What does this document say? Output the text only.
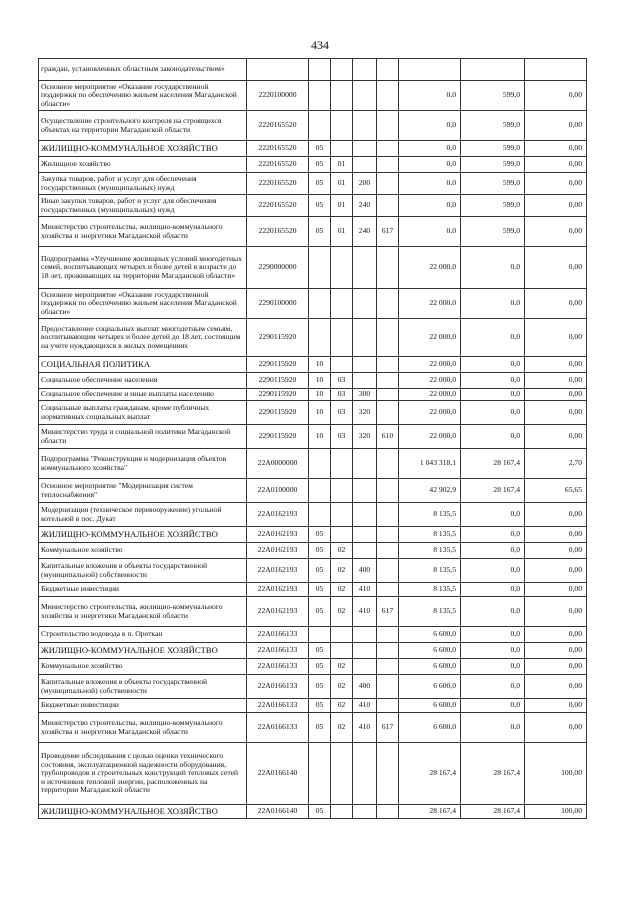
434
граждан, установленных областным законодательством»								
Основное мероприятие «Оказание государственной поддержки по обеспечению жильем населения Магаданской области»	2220100000					0,0	599,0	0,00
Осуществление строительного контроля на строящихся объектах на территории Магаданской области	2220165520					0,0	599,0	0,00
ЖИЛИЩНО-КОММУНАЛЬНОЕ ХОЗЯЙСТВО	2220165520	05				0,0	599,0	0,00
Жилищное хозяйство	2220165520	05	01			0,0	599,0	0,00
Закупка товаров, работ и услуг для обеспечения государственных (муниципальных) нужд	2220165520	05	01	200		0,0	599,0	0,00
Иные закупки товаров, работ и услуг для обеспечения государственных (муниципальных) нужд	2220165520	05	01	240		0,0	599,0	0,00
Министерство строительства, жилищно-коммунального хозяйства и энергетики Магаданской области	2220165520	05	01	240	617	0,0	599,0	0,00
Подпрограмма «Улучшение жилищных условий многодетных семей, воспитывающих четырех и более детей в возрасте до 18 лет, проживающих на территории Магаданской области»	2290000000					22 000,0	0,0	0,00
Основное мероприятие «Оказание государственной поддержки по обеспечению жильем населения Магаданской области»	2290100000					22 000,0	0,0	0,00
Предоставление социальных выплат многодетным семьям, воспитывающим четырех и более детей до 18 лет, состоящим на учете нуждающихся в жилых помещениях	2290115920					22 000,0	0,0	0,00
СОЦИАЛЬНАЯ ПОЛИТИКА	2290115920	10				22 000,0	0,0	0,00
Социальное обеспечение населения	2290115920	10	03			22 000,0	0,0	0,00
Социальное обеспечение и иные выплаты населению	2290115920	10	03	300		22 000,0	0,0	0,00
Социальные выплаты гражданам, кроме публичных нормативных социальных выплат	2290115920	10	03	320		22 000,0	0,0	0,00
Министерство труда и социальной политики Магаданской области	2290115920	10	03	320	610	22 000,0	0,0	0,00
Подпрограмма "Реконструкция и модернизация объектов коммунального хозяйства"	22А0000000					1 043 318,1	28 167,4	2,70
Основное мероприятие "Модернизация систем теплоснабжения"	22А0100000					42 902,9	28 167,4	65,65
Модернизация (техническое перевооружение) угольной котельной в пос. Дукат	22А0162193					8 135,5	0,0	0,00
ЖИЛИЩНО-КОММУНАЛЬНОЕ ХОЗЯЙСТВО	22А0162193	05				8 135,5	0,0	0,00
Коммунальное хозяйство	22А0162193	05	02			8 135,5	0,0	0,00
Капитальные вложения в объекты государственной (муниципальной) собственности	22А0162193	05	02	400		8 135,5	0,0	0,00
Бюджетные инвестиции	22А0162193	05	02	410		8 135,5	0,0	0,00
Министерство строительства, жилищно-коммунального хозяйства и энергетики Магаданской области	22А0162193	05	02	410	617	8 135,5	0,0	0,00
Строительство водовода в п. Ороткан	22А0166133					6 600,0	0,0	0,00
ЖИЛИЩНО-КОММУНАЛЬНОЕ ХОЗЯЙСТВО	22А0166133	05				6 600,0	0,0	0,00
Коммунальное хозяйство	22А0166133	05	02			6 600,0	0,0	0,00
Капитальные вложения в объекты государственной (муниципальной) собственности	22А0166133	05	02	400		6 600,0	0,0	0,00
Бюджетные инвестиции	22А0166133	05	02	410		6 600,0	0,0	0,00
Министерство строительства, жилищно-коммунального хозяйства и энергетики Магаданской области	22А0166133	05	02	410	617	6 600,0	0,0	0,00
Проведение обследования с целью оценки технического состояния, эксплуатационной надежности оборудования, трубопроводов и строительных конструкций тепловых сетей и источников тепловой энергии, расположенных на территории Магаданской области	22А0166140					28 167,4	28 167,4	100,00
ЖИЛИЩНО-КОММУНАЛЬНОЕ ХОЗЯЙСТВО	22А0166140	05				28 167,4	28 167,4	100,00
